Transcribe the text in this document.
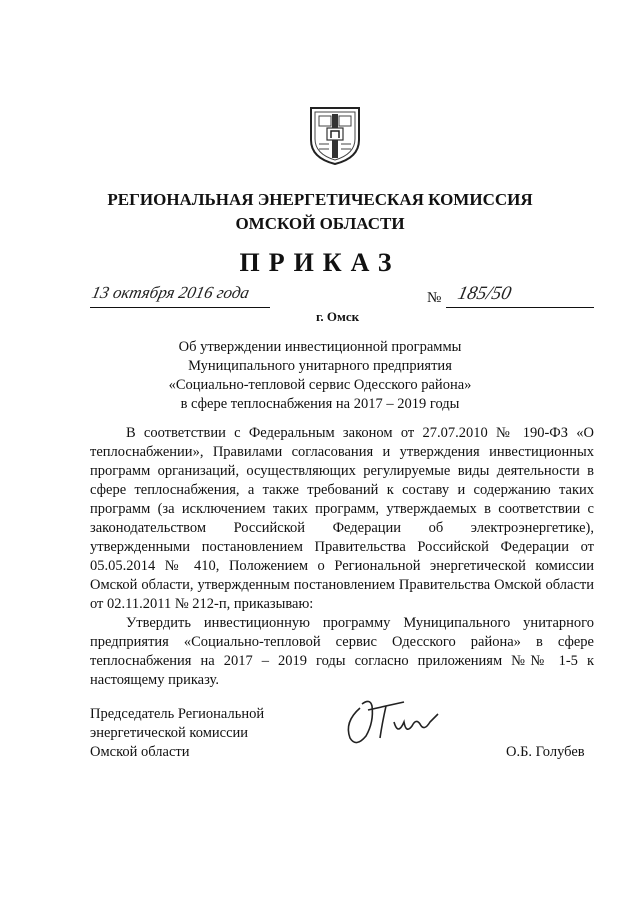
РЕГИОНАЛЬНАЯ ЭНЕРГЕТИЧЕСКАЯ КОМИССИЯ
ОМСКОЙ ОБЛАСТИ
ПРИКАЗ
13 октября 2016 года
г. Омск
№ 185/50
Об утверждении инвестиционной программы
Муниципального унитарного предприятия
«Социально-тепловой сервис Одесского района»
в сфере теплоснабжения на 2017 – 2019 годы

В соответствии с Федеральным законом от 27.07.2010 № 190-ФЗ «О теплоснабжении», Правилами согласования и утверждения инвестиционных программ организаций, осуществляющих регулируемые виды деятельности в сфере теплоснабжения, а также требований к составу и содержанию таких программ (за исключением таких программ, утверждаемых в соответствии с законодательством Российской Федерации об электроэнергетике), утвержденными постановлением Правительства Российской Федерации от 05.05.2014 № 410, Положением о Региональной энергетической комиссии Омской области, утвержденным постановлением Правительства Омской области от 02.11.2011 № 212-п, приказываю:

Утвердить инвестиционную программу Муниципального унитарного предприятия «Социально-тепловой сервис Одесского района» в сфере теплоснабжения на 2017 – 2019 годы согласно приложениям №№ 1-5 к настоящему приказу.

Председатель Региональной
энергетической комиссии
Омской области	О.Б. Голубев
